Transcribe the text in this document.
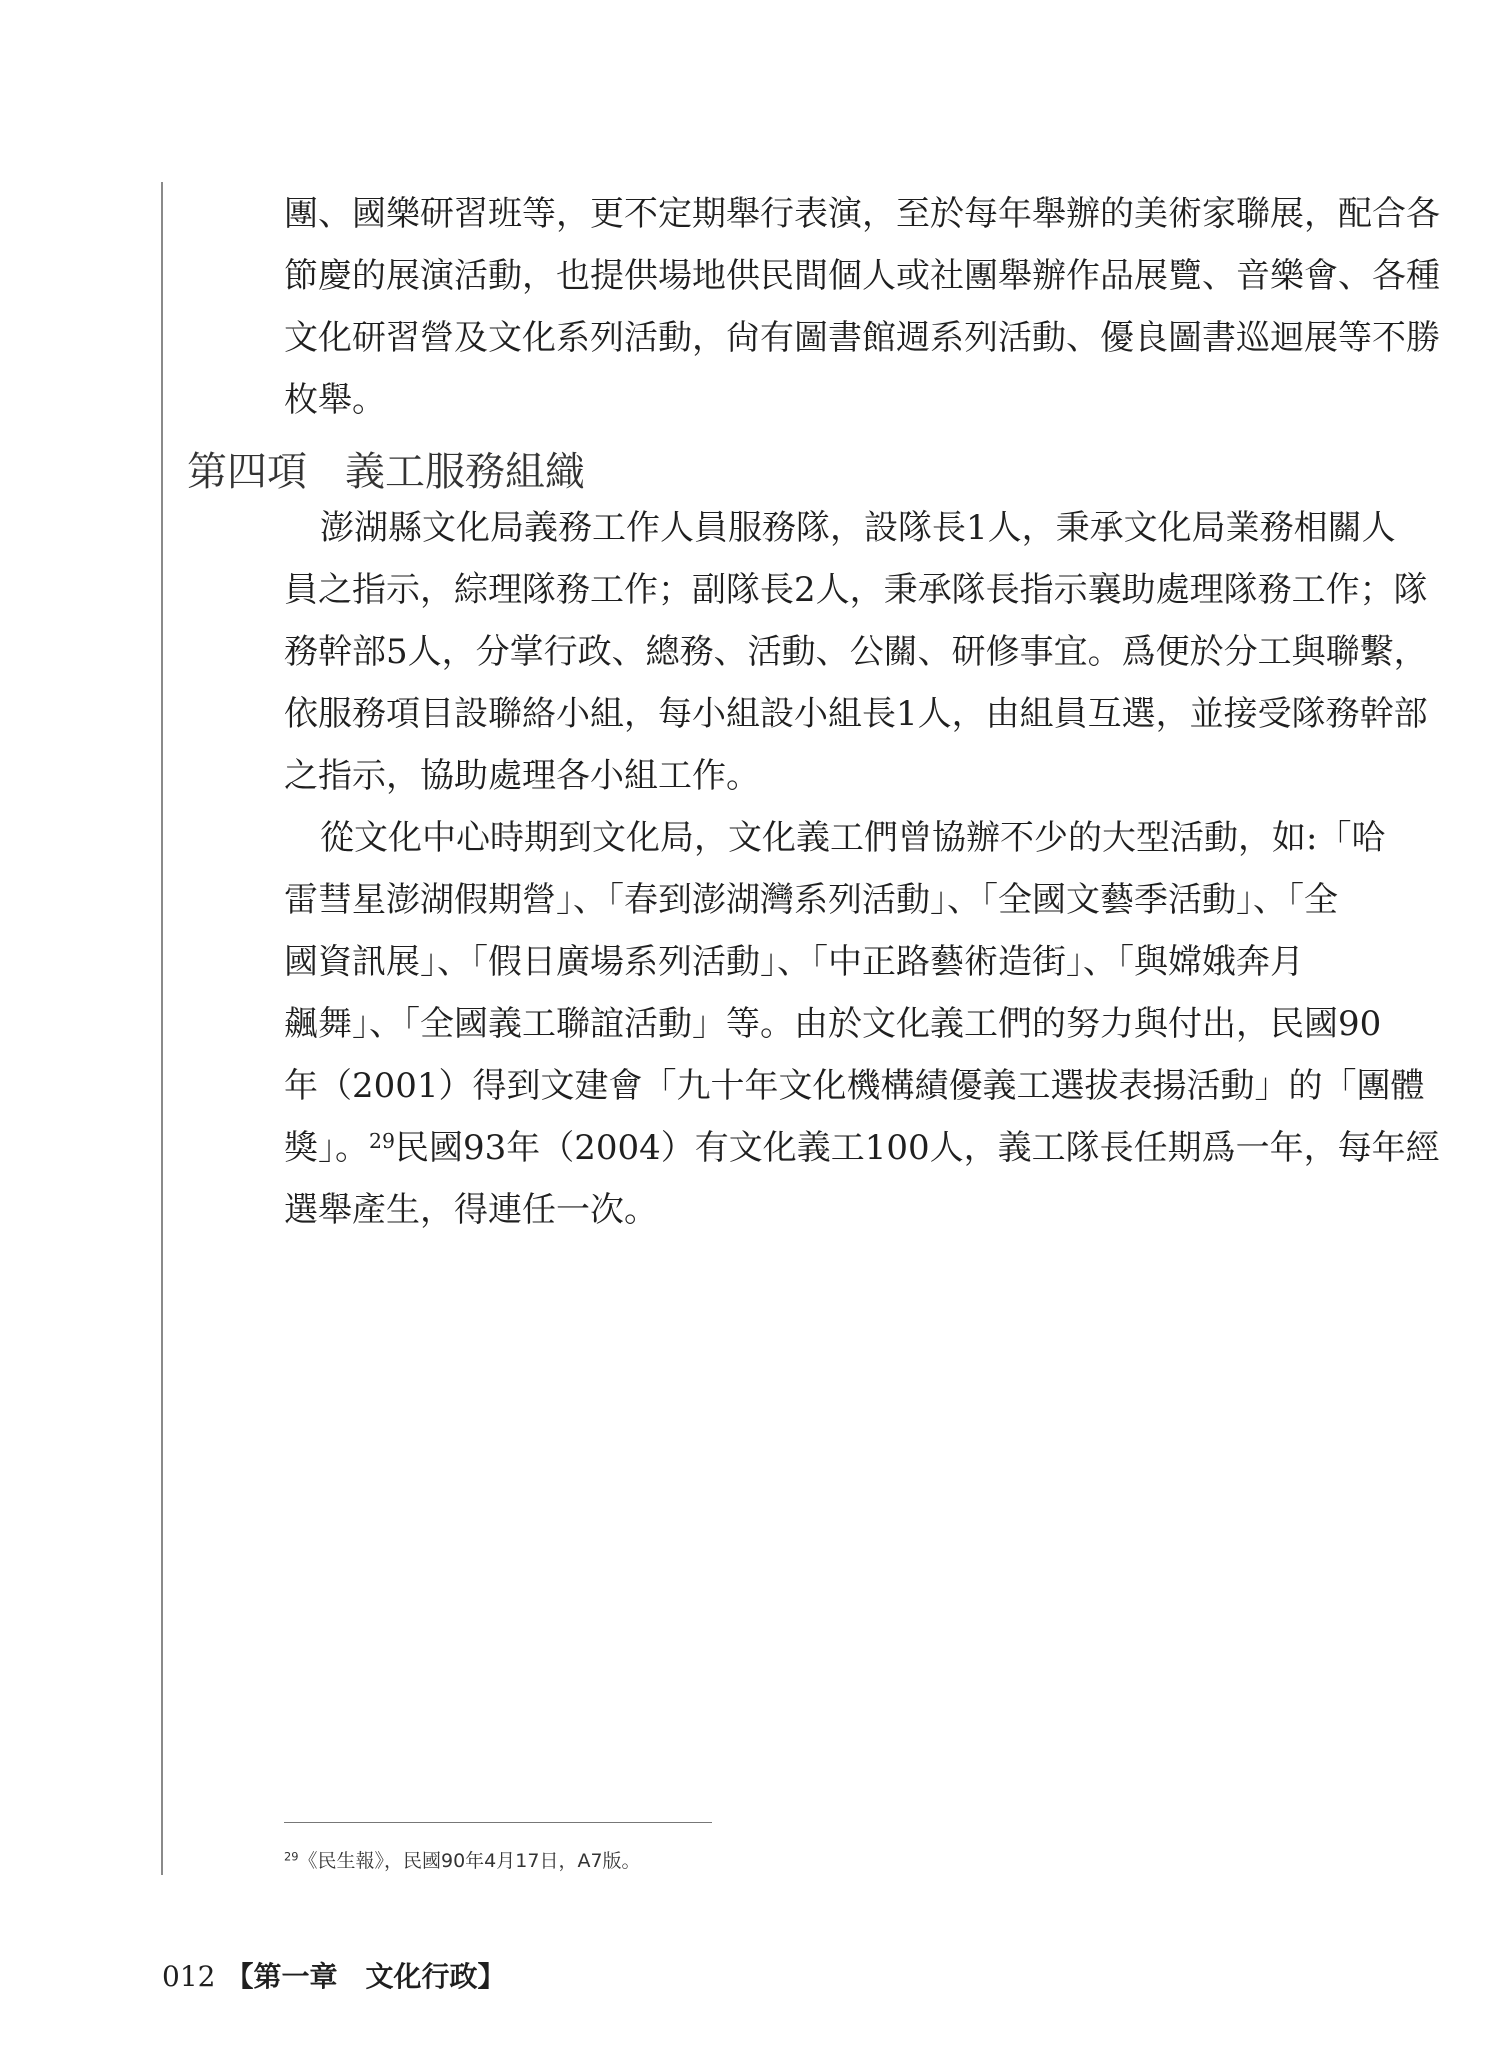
團、國樂研習班等，更不定期舉行表演，至於每年舉辦的美術家聯展，配合各
節慶的展演活動，也提供場地供民間個人或社團舉辦作品展覽、音樂會、各種
文化研習營及文化系列活動，尙有圖書館週系列活動、優良圖書巡迴展等不勝
枚舉。
第四項 義工服務組織
澎湖縣文化局義務工作人員服務隊，設隊長1人，秉承文化局業務相關人
員之指示，綜理隊務工作；副隊長2人，秉承隊長指示襄助處理隊務工作；隊
務幹部5人，分掌行政、總務、活動、公關、研修事宜。爲便於分工與聯繫，
依服務項目設聯絡小組，每小組設小組長1人，由組員互選，並接受隊務幹部
之指示，協助處理各小組工作。
從文化中心時期到文化局，文化義工們曾協辦不少的大型活動，如:「哈
雷彗星澎湖假期營」、「春到澎湖灣系列活動」、「全國文藝季活動」、「全
國資訊展」、「假日廣場系列活動」、「中正路藝術造街」、「與嫦娥奔月
飆舞」、「全國義工聯誼活動」等。由於文化義工們的努力與付出，民國90
年（2001）得到文建會「九十年文化機構績優義工選拔表揚活動」的「團體
獎」。$^{29}$民國93年（2004）有文化義工100人，義工隊長任期爲一年，每年經
選舉產生，得連任一次。
$^{29}$《民生報》，民國90年4月17日，A7版。
012 【第一章　文化行政】
